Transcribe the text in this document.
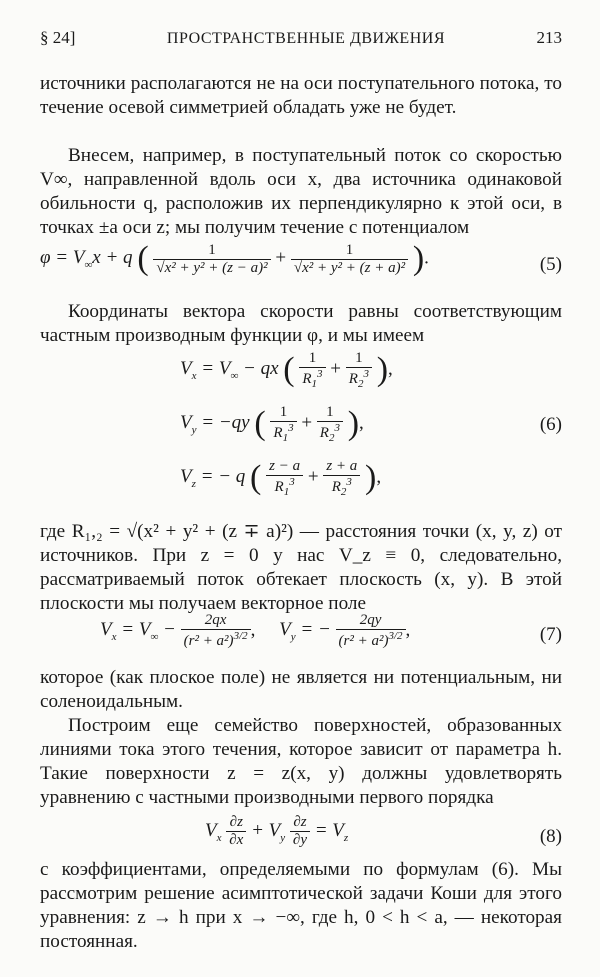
§ 24]	ПРОСТРАНСТВЕННЫЕ ДВИЖЕНИЯ	213
источники располагаются не на оси поступательного потока, то течение осевой симметрией обладать уже не будет.
Внесем, например, в поступательный поток со скоростью V∞, направленной вдоль оси x, два источника одинаковой обильности q, расположив их перпендикулярно к этой оси, в точках ±a оси z; мы получим течение с потенциалом
$\varphi = V_\infty x + q$ ( $\frac{1}{\text{√x² + y² + (z − a)²}} + \frac{1}{\text{√x² + y² + (z + a)²}}$ ).	(5)
Координаты вектора скорости равны соответствующим частным производным функции φ, и мы имеем
$V_x = V_\infty$ − qx ( $\frac{1}{R_1^3} + \frac{1}{R_2^3}$ ),
$V_y = -qy$ ( $\frac{1}{R_1^3} + \frac{1}{R_2^3}$ ),
$V_z$ = − q ( $\frac{z - a}{R_1^3} + \frac{z + a}{R_2^3}$ ),
(6)
где R₁,₂ = √(x² + y² + (z ∓ a)²) — расстояния точки (x, y, z) от источников. При z = 0 у нас V_z ≡ 0, следовательно, рассматриваемый поток обтекает плоскость (x, y). В этой плоскости мы получаем векторное поле
$V_x = V_\infty - \frac{2qx}{(r^2 + a^2)^{3/2}}$ ,     $V_y$ = − $\frac{2qy}{(r^2 + a^2)^{3/2}}$ ,	(7)
которое (как плоское поле) не является ни потенциальным, ни соленоидальным.
Построим еще семейство поверхностей, образованных линиями тока этого течения, которое зависит от параметра h. Такие поверхности z = z(x, y) должны удовлетворять уравнению с частными производными первого порядка
$V_x \frac{\partial z}{\partial x} + V_y \frac{\partial z}{\partial y} = V_z$	(8)
с коэффициентами, определяемыми по формулам (6). Мы рассмотрим решение асимптотической задачи Коши для этого уравнения: z → h при x → −∞, где h, 0 < h < a, — некоторая постоянная.
